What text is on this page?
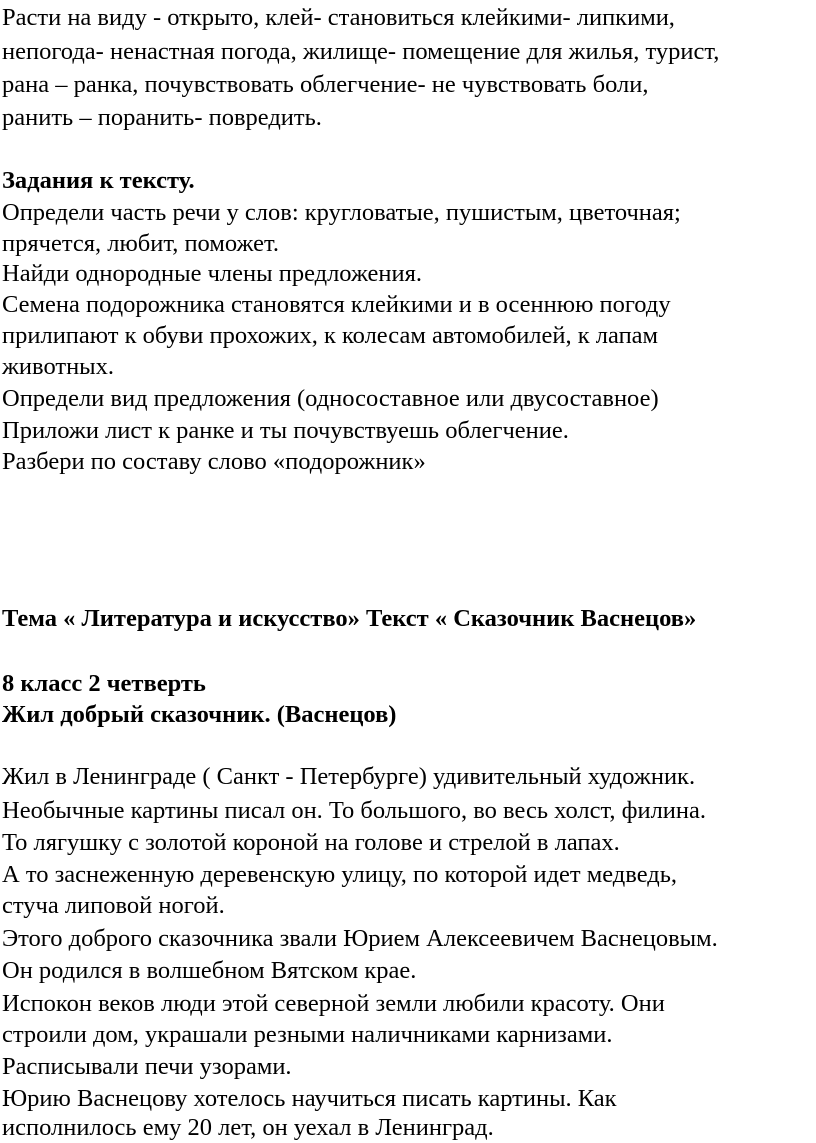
Расти на виду - открыто, клей- становиться клейкими- липкими,
непогода- ненастная погода, жилище- помещение для жилья, турист,
рана – ранка, почувствовать облегчение- не чувствовать боли,
ранить – поранить- повредить.
Задания к тексту.
Определи часть речи у слов: кругловатые, пушистым, цветочная;
прячется, любит, поможет.
Найди однородные члены предложения.
Семена подорожника становятся клейкими и в осеннюю погоду
прилипают к обуви прохожих, к колесам автомобилей, к лапам
животных.
Определи вид предложения (односоставное или двусоставное)
Приложи лист к ранке и ты почувствуешь облегчение.
Разбери по составу слово «подорожник»
Тема « Литература и искусство» Текст « Сказочник Васнецов»
8 класс 2 четверть
Жил добрый сказочник. (Васнецов)
Жил в Ленинграде ( Санкт - Петербурге) удивительный художник.
Необычные картины писал он. То большого, во весь холст, филина.
То лягушку с золотой короной на голове и стрелой в лапах.
А то заснеженную деревенскую улицу, по которой идет медведь,
стуча липовой ногой.
Этого доброго сказочника звали Юрием Алексеевичем Васнецовым.
Он родился в волшебном Вятском крае.
Испокон веков люди этой северной земли любили красоту. Они
строили дом, украшали резными наличниками карнизами.
Расписывали печи узорами.
Юрию Васнецову хотелось научиться писать картины. Как
исполнилось ему 20 лет, он уехал в Ленинград.
